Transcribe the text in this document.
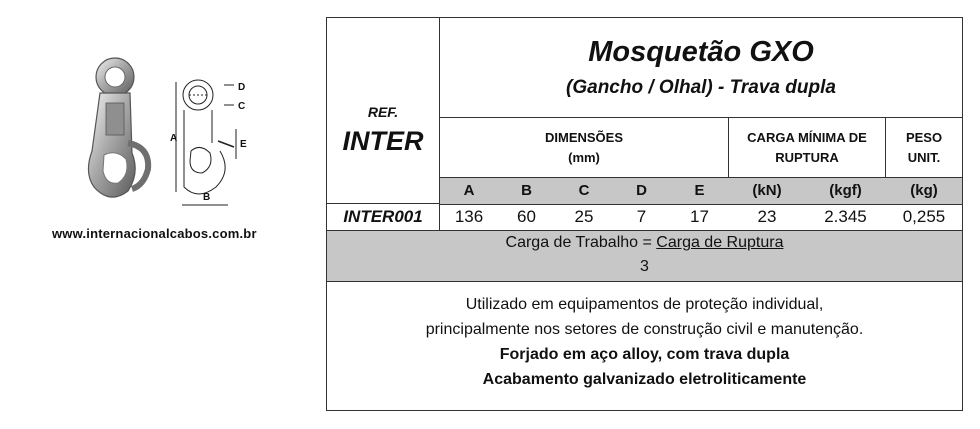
A
B
C
D
E
www.internacionalcabos.com.br
REF.
INTER
Mosquetão GXO
(Gancho / Olhal) - Trava dupla
DIMENSÕES
(mm)
CARGA MÍNIMA DE
RUPTURA
PESO
UNIT.
A	B	C	D	E	(kN)	(kgf)	(kg)
INTER001	136	60	25	7	17	23	2.345	0,255
Carga de Trabalho = Carga de Ruptura
3
Utilizado em equipamentos de proteção individual,
principalmente nos setores de construção civil e manutenção.
Forjado em aço alloy, com trava dupla
Acabamento galvanizado eletroliticamente
